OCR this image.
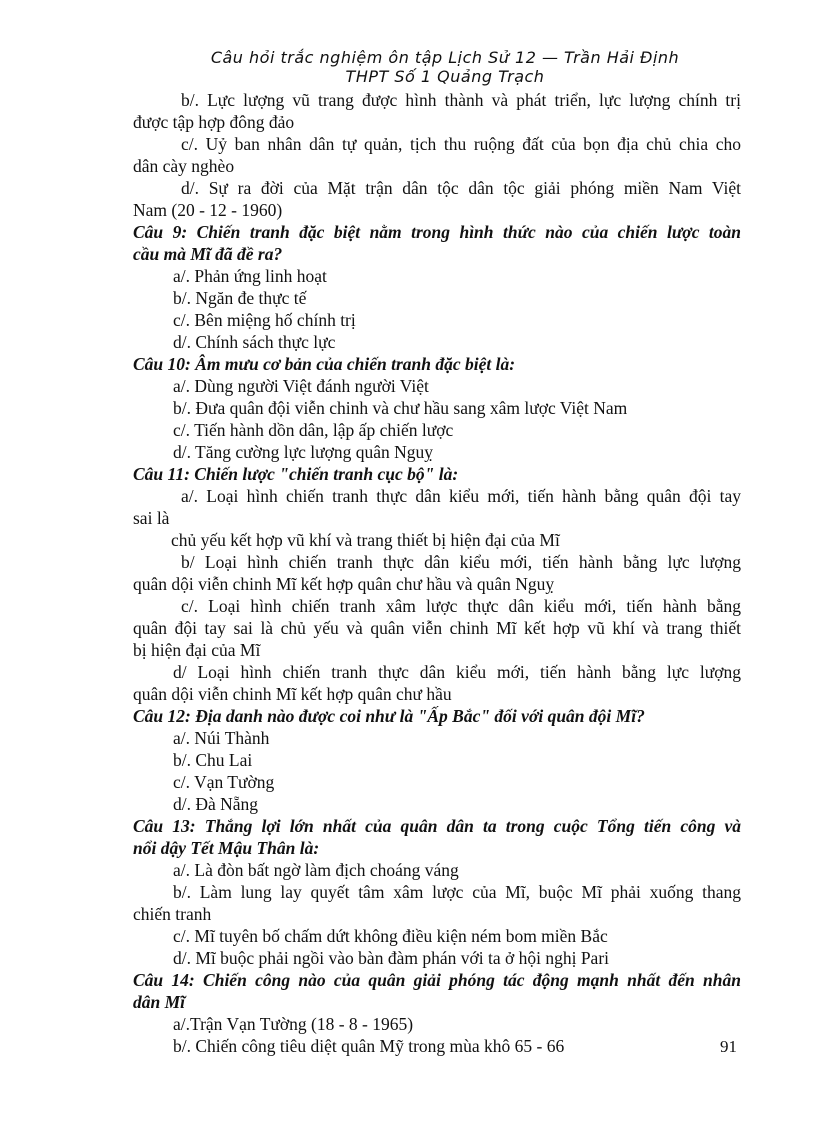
Câu hỏi trắc nghiệm ôn tập Lịch Sử 12 — Trần Hải Định
THPT Số 1 Quảng Trạch
b/. Lực lượng vũ trang được hình thành và phát triển, lực lượng chính trị
được tập hợp đông đảo
c/. Uỷ ban nhân dân tự quản, tịch thu ruộng đất của bọn địa chủ chia cho
dân cày nghèo
d/. Sự ra đời của Mặt trận dân tộc dân tộc giải phóng miền Nam Việt
Nam (20 - 12 - 1960)
Câu 9: Chiến tranh đặc biệt nằm trong hình thức nào của chiến lược toàn
cầu mà Mĩ đã đề ra?
a/. Phản ứng linh hoạt
b/. Ngăn đe thực tế
c/. Bên miệng hố chính trị
d/. Chính sách thực lực
Câu 10: Âm mưu cơ bản của chiến tranh đặc biệt là:
a/. Dùng người Việt đánh người Việt
b/. Đưa quân đội viễn chinh và chư hầu sang xâm lược Việt Nam
c/. Tiến hành dồn dân, lập ấp chiến lược
d/. Tăng cường lực lượng quân Nguỵ
Câu 11: Chiến lược "chiến tranh cục bộ" là:
a/. Loại hình chiến tranh thực dân kiểu mới, tiến hành bằng quân đội tay
sai là
chủ yếu kết hợp vũ khí và trang thiết bị hiện đại của Mĩ
b/ Loại hình chiến tranh thực dân kiểu mới, tiến hành bằng lực lượng
quân dội viễn chinh Mĩ kết hợp quân chư hầu và quân Nguỵ
c/. Loại hình chiến tranh xâm lược thực dân kiểu mới, tiến hành bằng
quân đội tay sai là chủ yếu và quân viễn chinh Mĩ kết hợp vũ khí và trang thiết
bị hiện đại của Mĩ
d/ Loại hình chiến tranh thực dân kiểu mới, tiến hành bằng lực lượng
quân dội viễn chinh Mĩ kết hợp quân chư hầu
Câu 12: Địa danh nào được coi như là "Ấp Bắc" đối với quân đội Mĩ?
a/. Núi Thành
b/. Chu Lai
c/. Vạn Tường
d/. Đà Nẵng
Câu 13: Thắng lợi lớn nhất của quân dân ta trong cuộc Tổng tiến công và
nổi dậy Tết Mậu Thân là:
a/. Là đòn bất ngờ làm địch choáng váng
b/. Làm lung lay quyết tâm xâm lược của Mĩ, buộc Mĩ phải xuống thang
chiến tranh
c/. Mĩ tuyên bố chấm dứt không điều kiện ném bom miền Bắc
d/. Mĩ buộc phải ngồi vào bàn đàm phán với ta ở hội nghị Pari
Câu 14: Chiến công nào của quân giải phóng tác động mạnh nhất đến nhân
dân Mĩ
a/.Trận Vạn Tường (18 - 8 - 1965)
b/. Chiến công tiêu diệt quân Mỹ trong mùa khô 65 - 66	91
